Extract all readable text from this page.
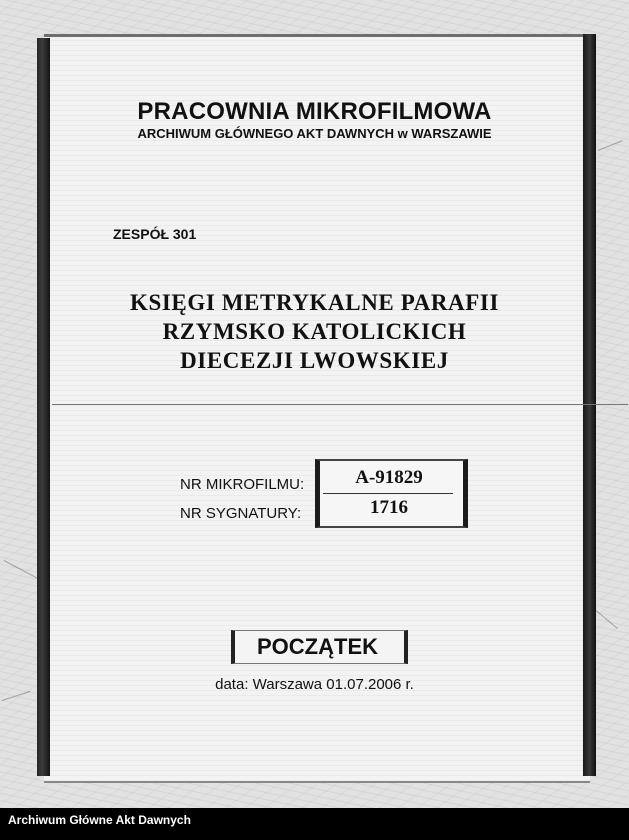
PRACOWNIA MIKROFILMOWA
ARCHIWUM GŁÓWNEGO AKT DAWNYCH w WARSZAWIE
ZESPÓŁ 301
KSIĘGI METRYKALNE PARAFII
RZYMSKO KATOLICKICH
DIECEZJI LWOWSKIEJ
NR MIKROFILMU:
NR SYGNATURY:
A-91829
1716
POCZĄTEK
data: Warszawa 01.07.2006 r.
Archiwum Główne Akt Dawnych
